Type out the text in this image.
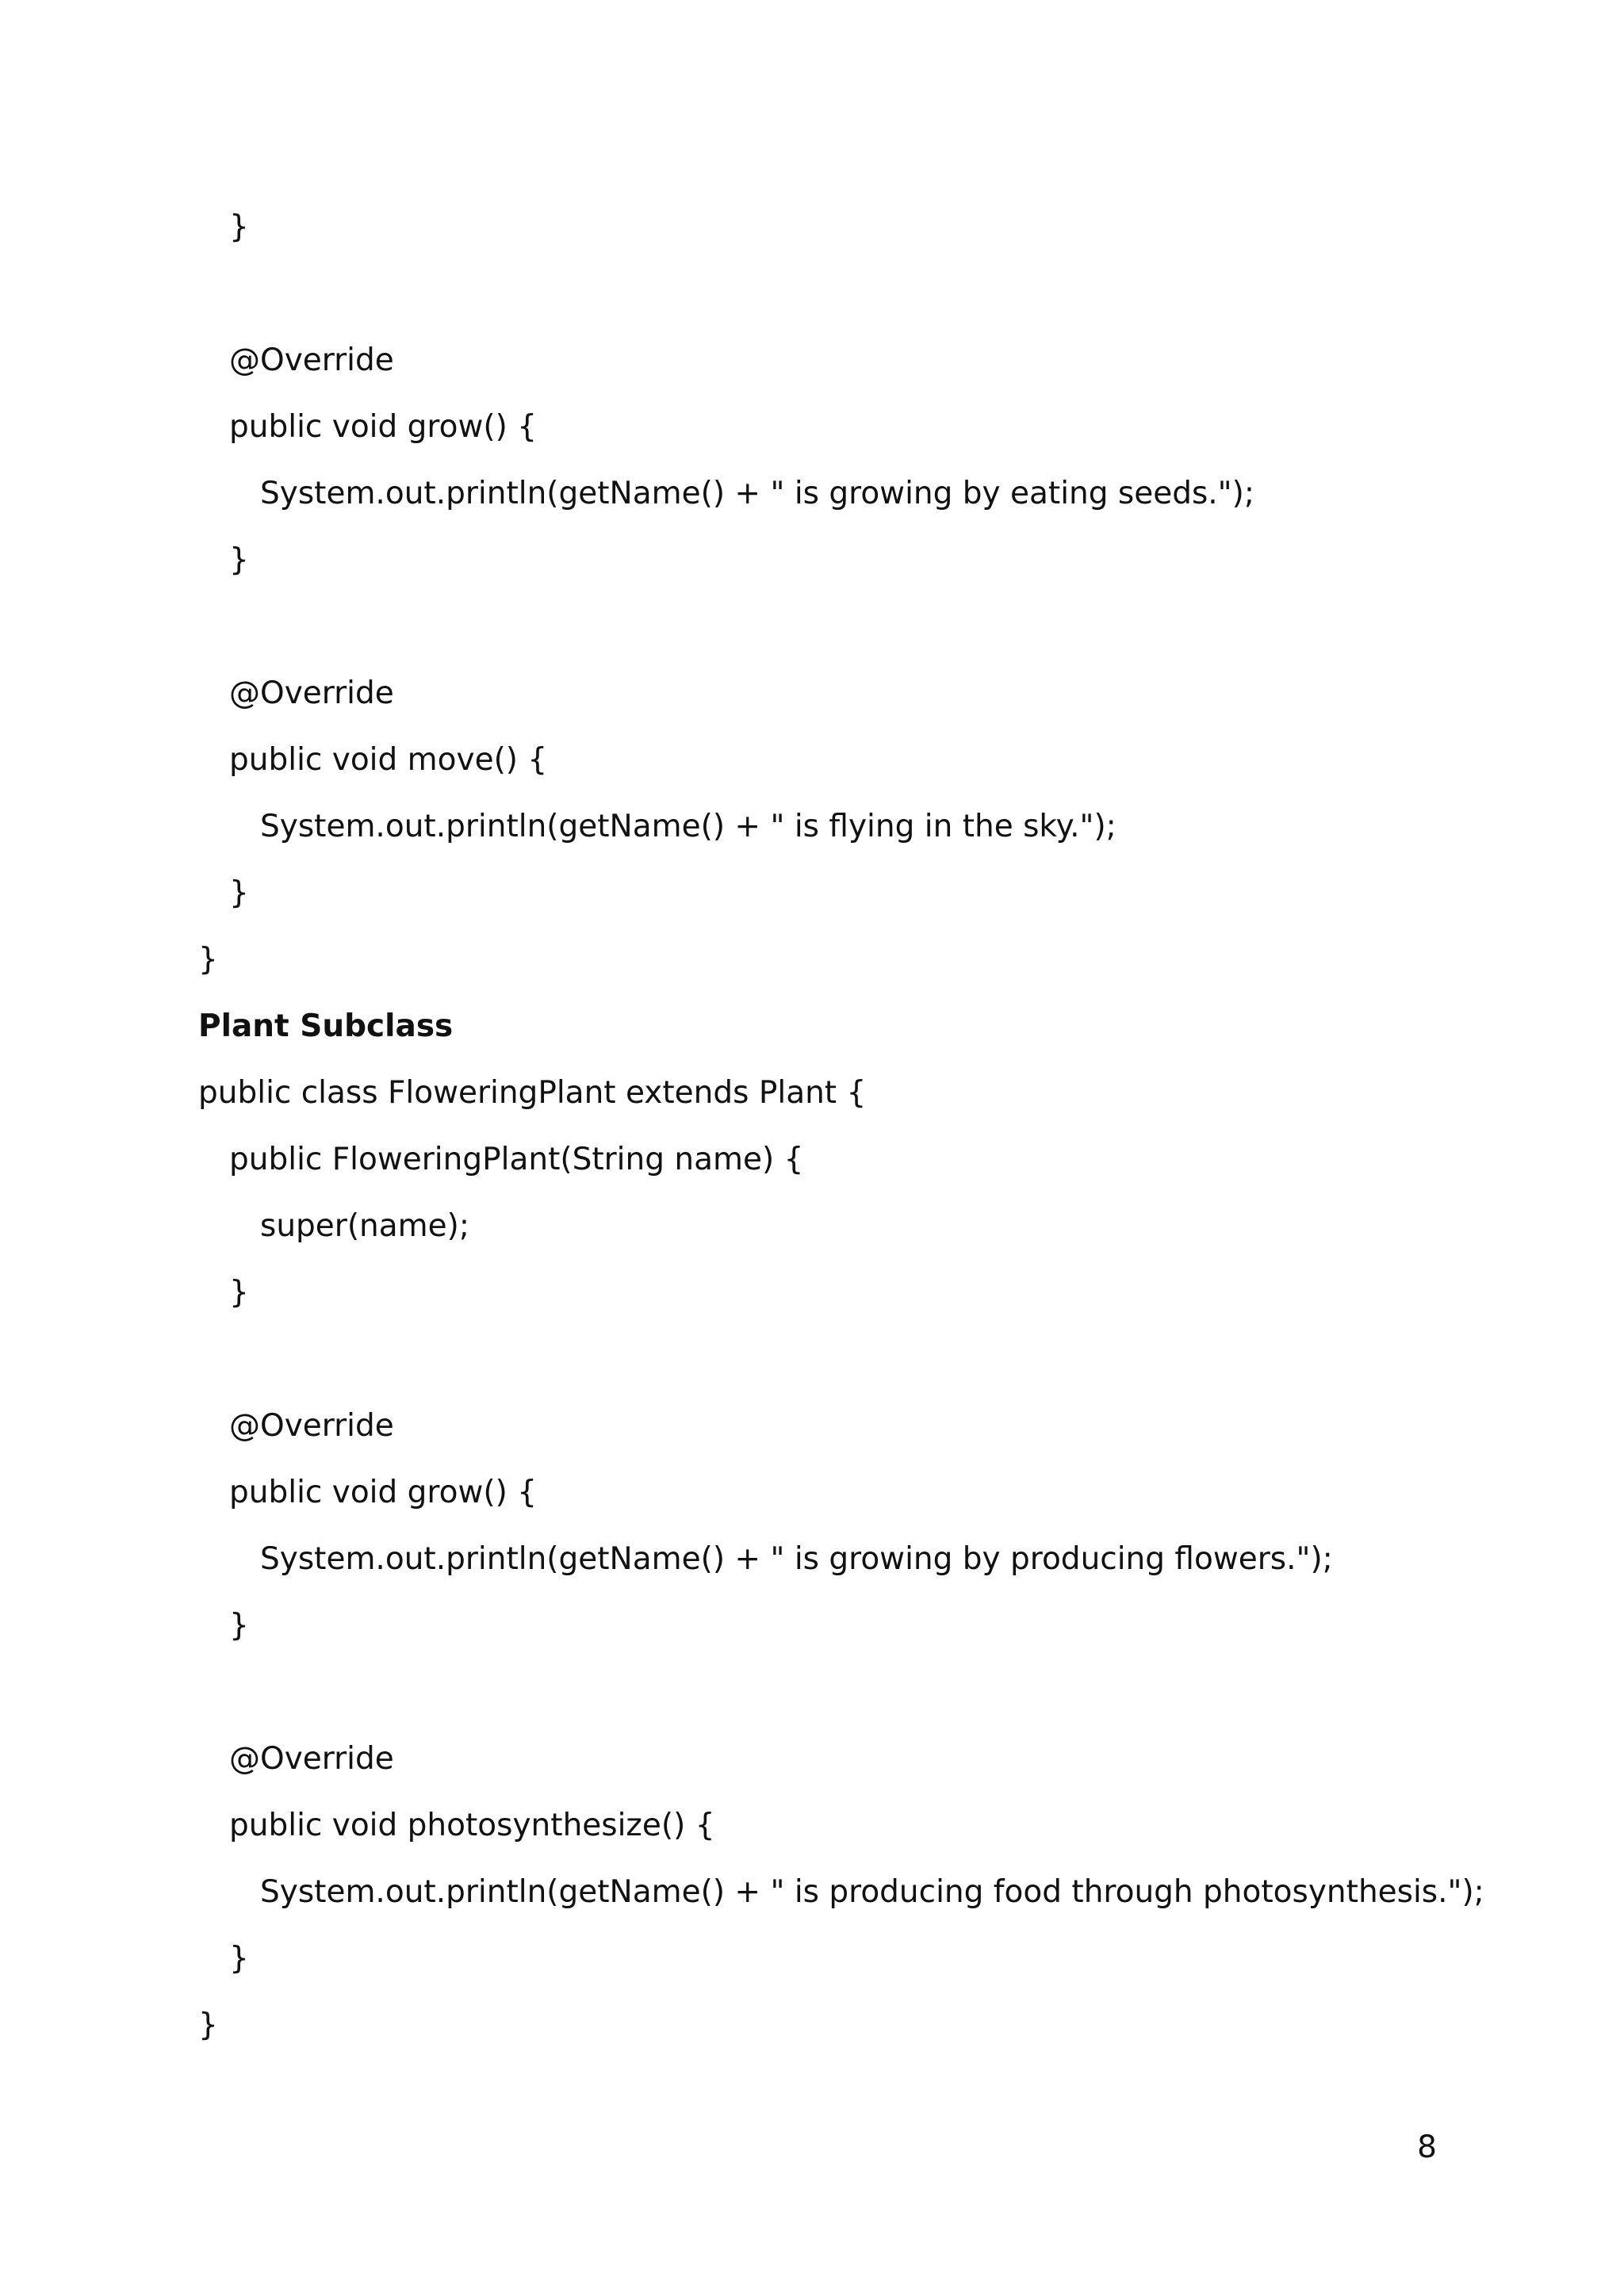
}
@Override
public void grow() {
System.out.println(getName() + " is growing by eating seeds.");
}
@Override
public void move() {
System.out.println(getName() + " is flying in the sky.");
}
}
Plant Subclass
public class FloweringPlant extends Plant {
public FloweringPlant(String name) {
super(name);
}
@Override
public void grow() {
System.out.println(getName() + " is growing by producing flowers.");
}
@Override
public void photosynthesize() {
System.out.println(getName() + " is producing food through photosynthesis.");
}
}
8
